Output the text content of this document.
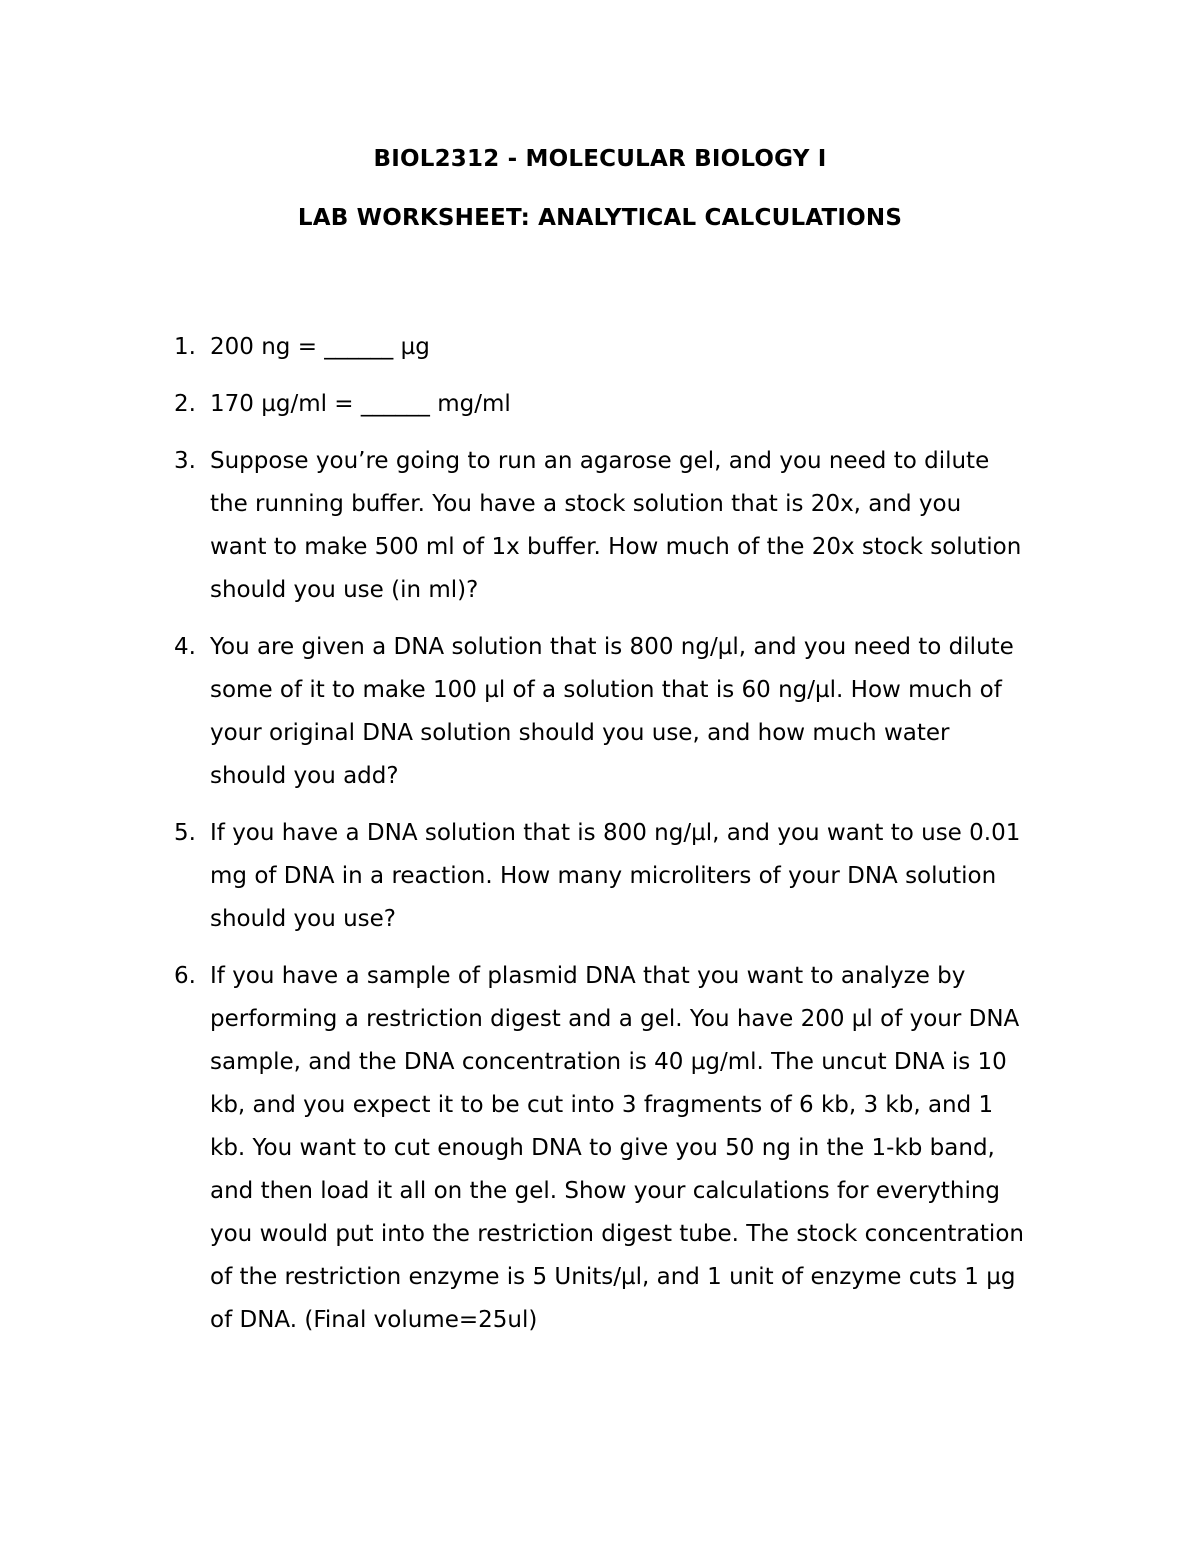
BIOL2312 - MOLECULAR BIOLOGY I
LAB WORKSHEET: ANALYTICAL CALCULATIONS
1. 200 ng = ______ µg
2. 170 µg/ml = ______ mg/ml
3. Suppose you’re going to run an agarose gel, and you need to dilute
the running buffer. You have a stock solution that is 20x, and you
want to make 500 ml of 1x buffer. How much of the 20x stock solution
should you use (in ml)?
4. You are given a DNA solution that is 800 ng/µl, and you need to dilute
some of it to make 100 µl of a solution that is 60 ng/µl. How much of
your original DNA solution should you use, and how much water
should you add?
5. If you have a DNA solution that is 800 ng/µl, and you want to use 0.01
mg of DNA in a reaction. How many microliters of your DNA solution
should you use?
6. If you have a sample of plasmid DNA that you want to analyze by
performing a restriction digest and a gel. You have 200 µl of your DNA
sample, and the DNA concentration is 40 µg/ml. The uncut DNA is 10
kb, and you expect it to be cut into 3 fragments of 6 kb, 3 kb, and 1
kb. You want to cut enough DNA to give you 50 ng in the 1-kb band,
and then load it all on the gel. Show your calculations for everything
you would put into the restriction digest tube. The stock concentration
of the restriction enzyme is 5 Units/µl, and 1 unit of enzyme cuts 1 µg
of DNA. (Final volume=25ul)
